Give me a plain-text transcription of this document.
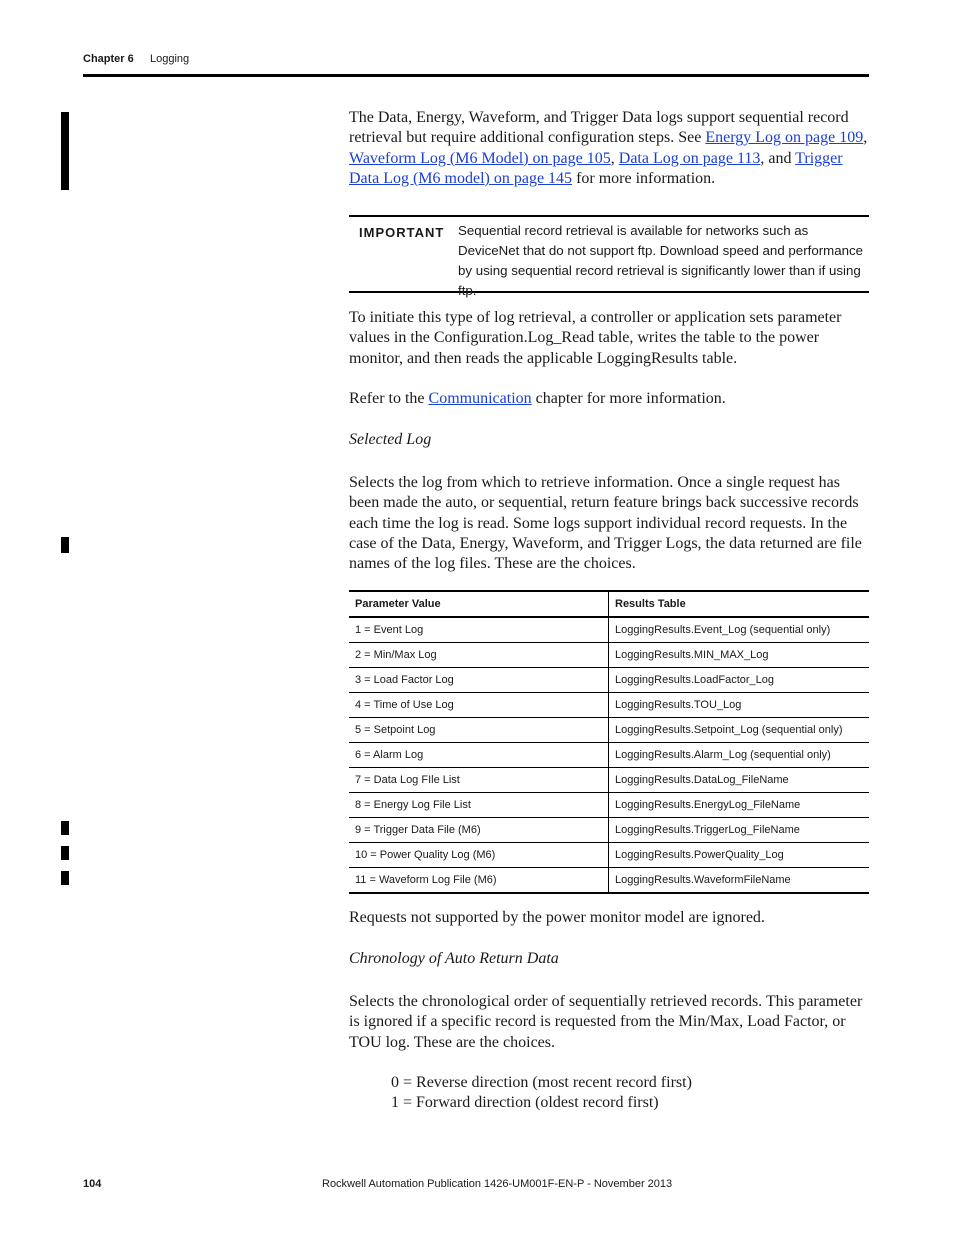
Chapter 6 Logging

The Data, Energy, Waveform, and Trigger Data logs support sequential record retrieval but require additional configuration steps. See Energy Log on page 109, Waveform Log (M6 Model) on page 105, Data Log on page 113, and Trigger Data Log (M6 model) on page 145 for more information.

IMPORTANT Sequential record retrieval is available for networks such as DeviceNet that do not support ftp. Download speed and performance by using sequential record retrieval is significantly lower than if using ftp.

To initiate this type of log retrieval, a controller or application sets parameter values in the Configuration.Log_Read table, writes the table to the power monitor, and then reads the applicable LoggingResults table.

Refer to the Communication chapter for more information.

Selected Log

Selects the log from which to retrieve information. Once a single request has been made the auto, or sequential, return feature brings back successive records each time the log is read. Some logs support individual record requests. In the case of the Data, Energy, Waveform, and Trigger Logs, the data returned are file names of the log files. These are the choices.

Parameter Value	Results Table
1 = Event Log	LoggingResults.Event_Log (sequential only)
2 = Min/Max Log	LoggingResults.MIN_MAX_Log
3 = Load Factor Log	LoggingResults.LoadFactor_Log
4 = Time of Use Log	LoggingResults.TOU_Log
5 = Setpoint Log	LoggingResults.Setpoint_Log (sequential only)
6 = Alarm Log	LoggingResults.Alarm_Log (sequential only)
7 = Data Log FIle List	LoggingResults.DataLog_FileName
8 = Energy Log File List	LoggingResults.EnergyLog_FileName
9 = Trigger Data File (M6)	LoggingResults.TriggerLog_FileName
10 = Power Quality Log (M6)	LoggingResults.PowerQuality_Log
11 = Waveform Log File (M6)	LoggingResults.WaveformFileName

Requests not supported by the power monitor model are ignored.

Chronology of Auto Return Data

Selects the chronological order of sequentially retrieved records. This parameter is ignored if a specific record is requested from the Min/Max, Load Factor, or TOU log. These are the choices.

0 = Reverse direction (most recent record first)

1 = Forward direction (oldest record first)

104	Rockwell Automation Publication 1426-UM001F-EN-P - November 2013
